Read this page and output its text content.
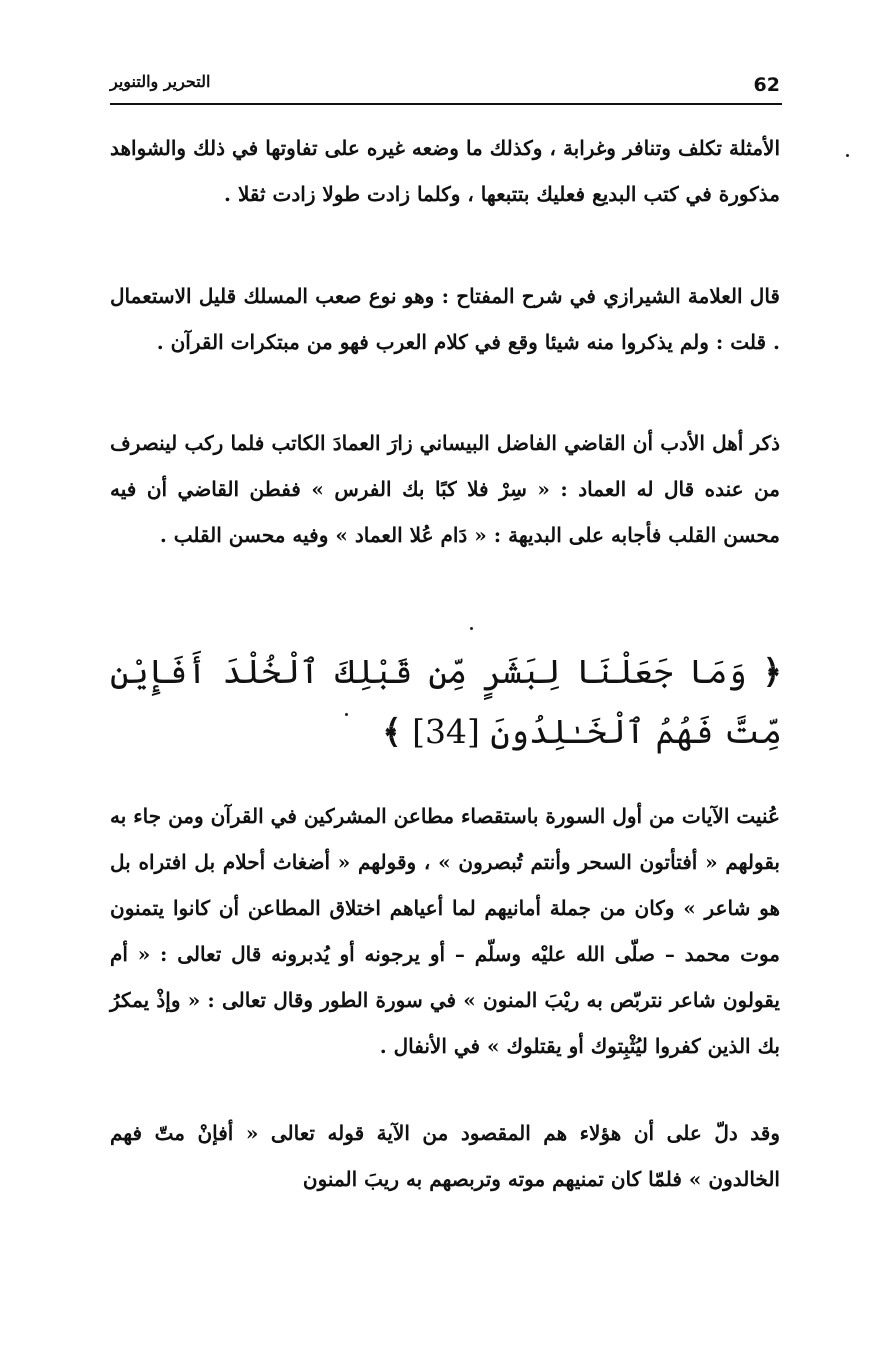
62
التحرير والتنوير
الأمثلة تكلف وتنافر وغرابة ، وكذلك ما وضعه غيره على تفاوتها في ذلك والشواهد مذكورة في كتب البديع فعليك بتتبعها ، وكلما زادت طولا زادت ثقلا .
قال العلامة الشيرازي في شرح المفتاح : وهو نوع صعب المسلك قليل الاستعمال . قلت : ولم يذكروا منه شيئا وقع في كلام العرب فهو من مبتكرات القرآن .
ذكر أهل الأدب أن القاضي الفاضل البيساني زارَ العمادَ الكاتب فلما ركب لينصرف من عنده قال له العماد : « سِرْ فلا كبًا بك الفرس » ففطن القاضي أن فيه محسن القلب فأجابه على البديهة : « دَام عُلا العماد » وفيه محسن القلب .
﴿ وَمَا جَعَلْنَا لِبَشَرٍ مِّن قَبْلِكَ ٱلْخُلْدَ أَفَإِيْن مِّتَّ فَهُمُ ٱلْخَـٰلِدُونَ [34] ﴾
عُنيت الآيات من أول السورة باستقصاء مطاعن المشركين في القرآن ومن جاء به بقولهم « أفتأتون السحر وأنتم تُبصرون » ، وقولهم « أضغاث أحلام بل افتراه بل هو شاعر » وكان من جملة أمانيهم لما أعياهم اختلاق المطاعن أن كانوا يتمنون موت محمد – صلّى الله عليْه وسلّم – أو يرجونه أو يُدبرونه قال تعالى : « أم يقولون شاعر نتربّص به ريْبَ المنون » في سورة الطور وقال تعالى : « وإذْ يمكرُ بك الذين كفروا ليُثْبِتوك أو يقتلوك » في الأنفال .
وقد دلّ على أن هؤلاء هم المقصود من الآية قوله تعالى « أفإنْ متّ فهم الخالدون » فلمّا كان تمنيهم موته وتربصهم به ريبَ المنون
